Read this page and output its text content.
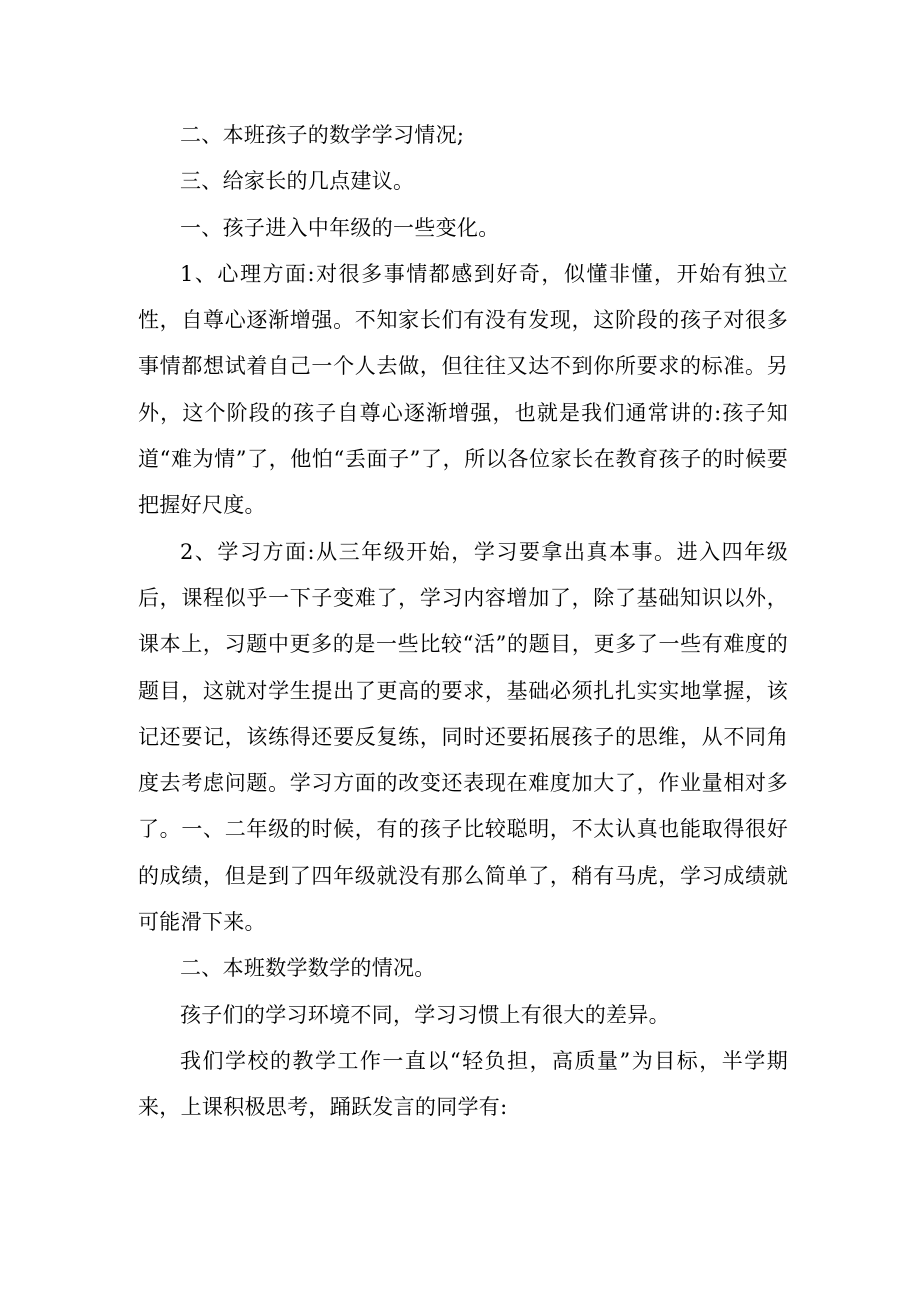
二、本班孩子的数学学习情况;

三、给家长的几点建议。

一、孩子进入中年级的一些变化。

1、心理方面:对很多事情都感到好奇，似懂非懂，开始有独立性，自尊心逐渐增强。不知家长们有没有发现，这阶段的孩子对很多事情都想试着自己一个人去做，但往往又达不到你所要求的标准。另外，这个阶段的孩子自尊心逐渐增强，也就是我们通常讲的:孩子知道“难为情”了，他怕“丢面子”了，所以各位家长在教育孩子的时候要把握好尺度。

2、学习方面:从三年级开始，学习要拿出真本事。进入四年级后，课程似乎一下子变难了，学习内容增加了，除了基础知识以外，课本上，习题中更多的是一些比较“活”的题目，更多了一些有难度的题目，这就对学生提出了更高的要求，基础必须扎扎实实地掌握，该记还要记，该练得还要反复练，同时还要拓展孩子的思维，从不同角度去考虑问题。学习方面的改变还表现在难度加大了，作业量相对多了。一、二年级的时候，有的孩子比较聪明，不太认真也能取得很好的成绩，但是到了四年级就没有那么简单了，稍有马虎，学习成绩就可能滑下来。

二、本班数学数学的情况。

孩子们的学习环境不同，学习习惯上有很大的差异。

我们学校的教学工作一直以“轻负担，高质量”为目标，半学期来，上课积极思考，踊跃发言的同学有:
